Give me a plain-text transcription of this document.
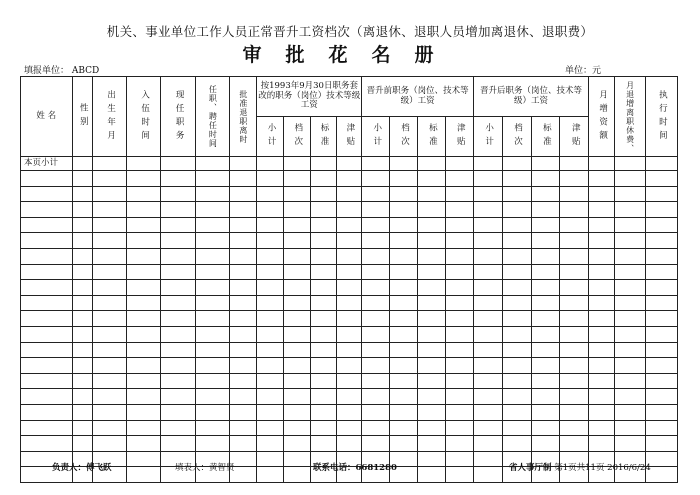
​
机关、事业单位工作人员正常晋升工资档次（离退休、退职人员增加离退休、退职费）
审批花名册
填报单位： ABCD	单位：元
姓 名	性别	出生年月	入伍时间	现任职务	任职、聘任时间	批准退职离时	按1993年9月30日职务套改的职务（岗位）技术等级工资				晋升前职务（岗位、技术等级）工资				晋升后职务（岗位、技术等级）工资				月增资额	月退增离职休费、	执行时间

							小计	档次	标准	津贴	小计	档次	标准	津贴	小计	档次	标准	津贴			

本页小计																					

负责人：傅飞跃	填表人：黄智贤	联系电话：6681280	省人事厅制 第1页共11页 2016/6/24
